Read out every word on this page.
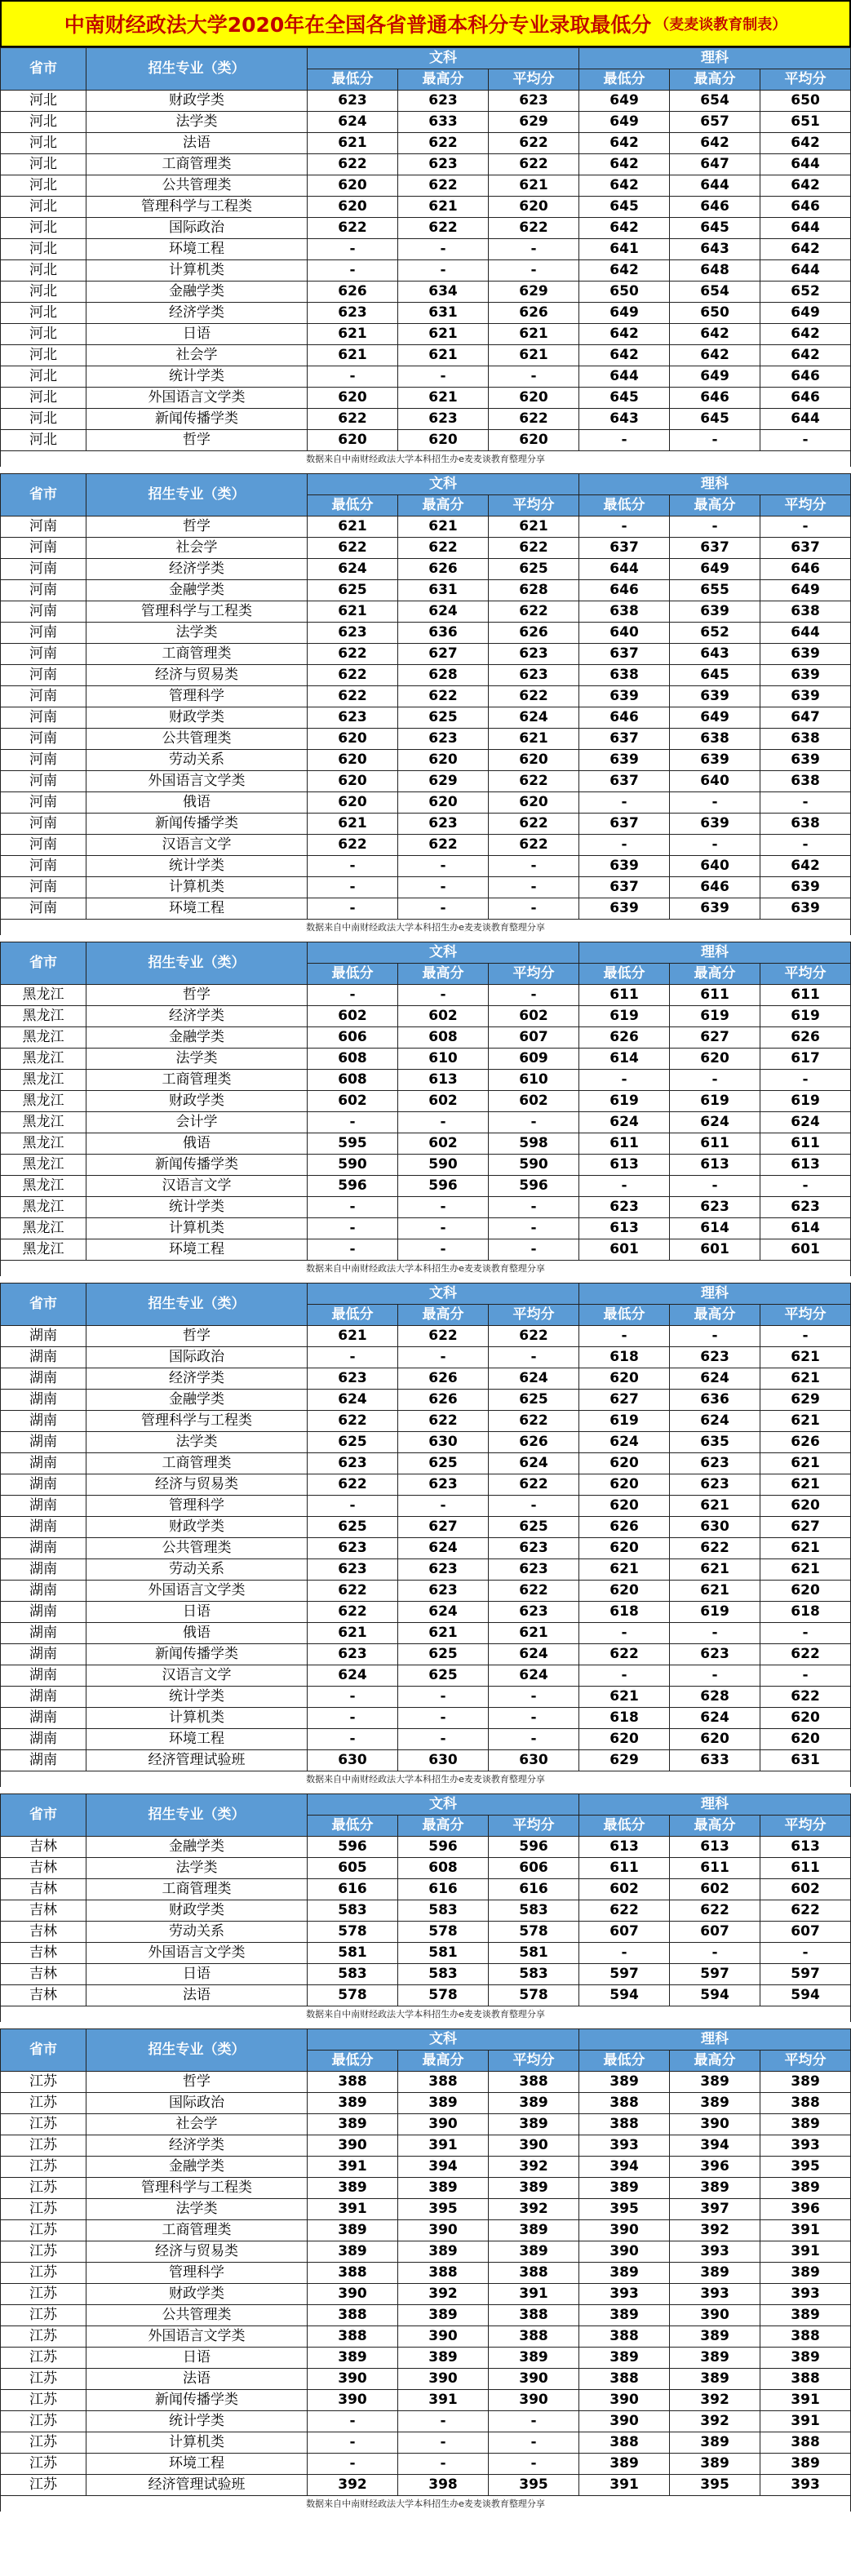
中南财经政法大学2020年在全国各省普通本科分专业录取最低分 （麦麦谈教育制表）
省市	招生专业（类）	文科			理科		
		最低分	最高分	平均分	最低分	最高分	平均分
河北	财政学类	623	623	623	649	654	650
河北	法学类	624	633	629	649	657	651
河北	法语	621	622	622	642	642	642
河北	工商管理类	622	623	622	642	647	644
河北	公共管理类	620	622	621	642	644	642
河北	管理科学与工程类	620	621	620	645	646	646
河北	国际政治	622	622	622	642	645	644
河北	环境工程	-	-	-	641	643	642
河北	计算机类	-	-	-	642	648	644
河北	金融学类	626	634	629	650	654	652
河北	经济学类	623	631	626	649	650	649
河北	日语	621	621	621	642	642	642
河北	社会学	621	621	621	642	642	642
河北	统计学类	-	-	-	644	649	646
河北	外国语言文学类	620	621	620	645	646	646
河北	新闻传播学类	622	623	622	643	645	644
河北	哲学	620	620	620	-	-	-
数据来自中南财经政法大学本科招生办e麦麦谈教育整理分享
省市	招生专业（类）	文科			理科		
		最低分	最高分	平均分	最低分	最高分	平均分
河南	哲学	621	621	621	-	-	-
河南	社会学	622	622	622	637	637	637
河南	经济学类	624	626	625	644	649	646
河南	金融学类	625	631	628	646	655	649
河南	管理科学与工程类	621	624	622	638	639	638
河南	法学类	623	636	626	640	652	644
河南	工商管理类	622	627	623	637	643	639
河南	经济与贸易类	622	628	623	638	645	639
河南	管理科学	622	622	622	639	639	639
河南	财政学类	623	625	624	646	649	647
河南	公共管理类	620	623	621	637	638	638
河南	劳动关系	620	620	620	639	639	639
河南	外国语言文学类	620	629	622	637	640	638
河南	俄语	620	620	620	-	-	-
河南	新闻传播学类	621	623	622	637	639	638
河南	汉语言文学	622	622	622	-	-	-
河南	统计学类	-	-	-	639	640	642
河南	计算机类	-	-	-	637	646	639
河南	环境工程	-	-	-	639	639	639
数据来自中南财经政法大学本科招生办e麦麦谈教育整理分享
省市	招生专业（类）	文科			理科		
		最低分	最高分	平均分	最低分	最高分	平均分
黑龙江	哲学	-	-	-	611	611	611
黑龙江	经济学类	602	602	602	619	619	619
黑龙江	金融学类	606	608	607	626	627	626
黑龙江	法学类	608	610	609	614	620	617
黑龙江	工商管理类	608	613	610	-	-	-
黑龙江	财政学类	602	602	602	619	619	619
黑龙江	会计学	-	-	-	624	624	624
黑龙江	俄语	595	602	598	611	611	611
黑龙江	新闻传播学类	590	590	590	613	613	613
黑龙江	汉语言文学	596	596	596	-	-	-
黑龙江	统计学类	-	-	-	623	623	623
黑龙江	计算机类	-	-	-	613	614	614
黑龙江	环境工程	-	-	-	601	601	601
数据来自中南财经政法大学本科招生办e麦麦谈教育整理分享
省市	招生专业（类）	文科			理科		
		最低分	最高分	平均分	最低分	最高分	平均分
湖南	哲学	621	622	622	-	-	-
湖南	国际政治	-	-	-	618	623	621
湖南	经济学类	623	626	624	620	624	621
湖南	金融学类	624	626	625	627	636	629
湖南	管理科学与工程类	622	622	622	619	624	621
湖南	法学类	625	630	626	624	635	626
湖南	工商管理类	623	625	624	620	623	621
湖南	经济与贸易类	622	623	622	620	623	621
湖南	管理科学	-	-	-	620	621	620
湖南	财政学类	625	627	625	626	630	627
湖南	公共管理类	623	624	623	620	622	621
湖南	劳动关系	623	623	623	621	621	621
湖南	外国语言文学类	622	623	622	620	621	620
湖南	日语	622	624	623	618	619	618
湖南	俄语	621	621	621	-	-	-
湖南	新闻传播学类	623	625	624	622	623	622
湖南	汉语言文学	624	625	624	-	-	-
湖南	统计学类	-	-	-	621	628	622
湖南	计算机类	-	-	-	618	624	620
湖南	环境工程	-	-	-	620	620	620
湖南	经济管理试验班	630	630	630	629	633	631
数据来自中南财经政法大学本科招生办e麦麦谈教育整理分享
省市	招生专业（类）	文科			理科		
		最低分	最高分	平均分	最低分	最高分	平均分
吉林	金融学类	596	596	596	613	613	613
吉林	法学类	605	608	606	611	611	611
吉林	工商管理类	616	616	616	602	602	602
吉林	财政学类	583	583	583	622	622	622
吉林	劳动关系	578	578	578	607	607	607
吉林	外国语言文学类	581	581	581	-	-	-
吉林	日语	583	583	583	597	597	597
吉林	法语	578	578	578	594	594	594
数据来自中南财经政法大学本科招生办e麦麦谈教育整理分享
省市	招生专业（类）	文科			理科		
		最低分	最高分	平均分	最低分	最高分	平均分
江苏	哲学	388	388	388	389	389	389
江苏	国际政治	389	389	389	388	389	388
江苏	社会学	389	390	389	388	390	389
江苏	经济学类	390	391	390	393	394	393
江苏	金融学类	391	394	392	394	396	395
江苏	管理科学与工程类	389	389	389	389	389	389
江苏	法学类	391	395	392	395	397	396
江苏	工商管理类	389	390	389	390	392	391
江苏	经济与贸易类	389	389	389	390	393	391
江苏	管理科学	388	388	388	389	389	389
江苏	财政学类	390	392	391	393	393	393
江苏	公共管理类	388	389	388	389	390	389
江苏	外国语言文学类	388	390	388	388	389	388
江苏	日语	389	389	389	389	389	389
江苏	法语	390	390	390	388	389	388
江苏	新闻传播学类	390	391	390	390	392	391
江苏	统计学类	-	-	-	390	392	391
江苏	计算机类	-	-	-	388	389	388
江苏	环境工程	-	-	-	389	389	389
江苏	经济管理试验班	392	398	395	391	395	393
数据来自中南财经政法大学本科招生办e麦麦谈教育整理分享
